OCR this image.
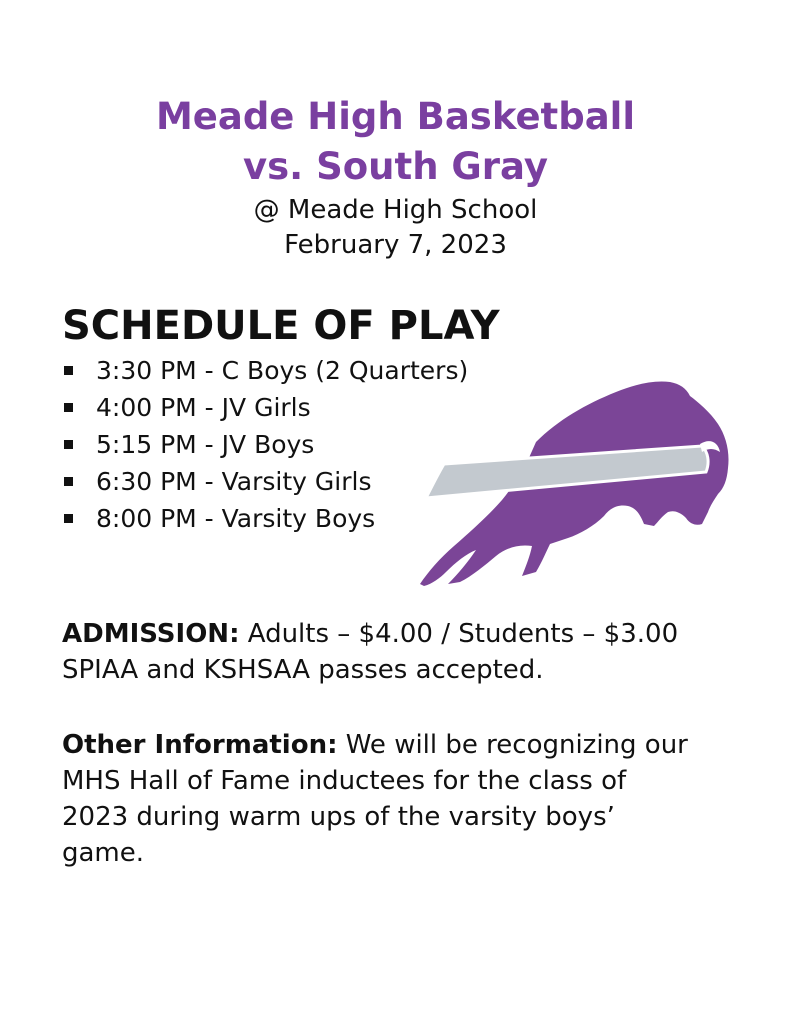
Meade High Basketball
vs. South Gray
@ Meade High School
February 7, 2023
SCHEDULE OF PLAY
3:30 PM - C Boys (2 Quarters)
4:00 PM - JV Girls
5:15 PM - JV Boys
6:30 PM - Varsity Girls
8:00 PM - Varsity Boys
ADMISSION: Adults – $4.00 / Students – $3.00
SPIAA and KSHSAA passes accepted.
Other Information: We will be recognizing our
MHS Hall of Fame inductees for the class of
2023 during warm ups of the varsity boys’
game.
